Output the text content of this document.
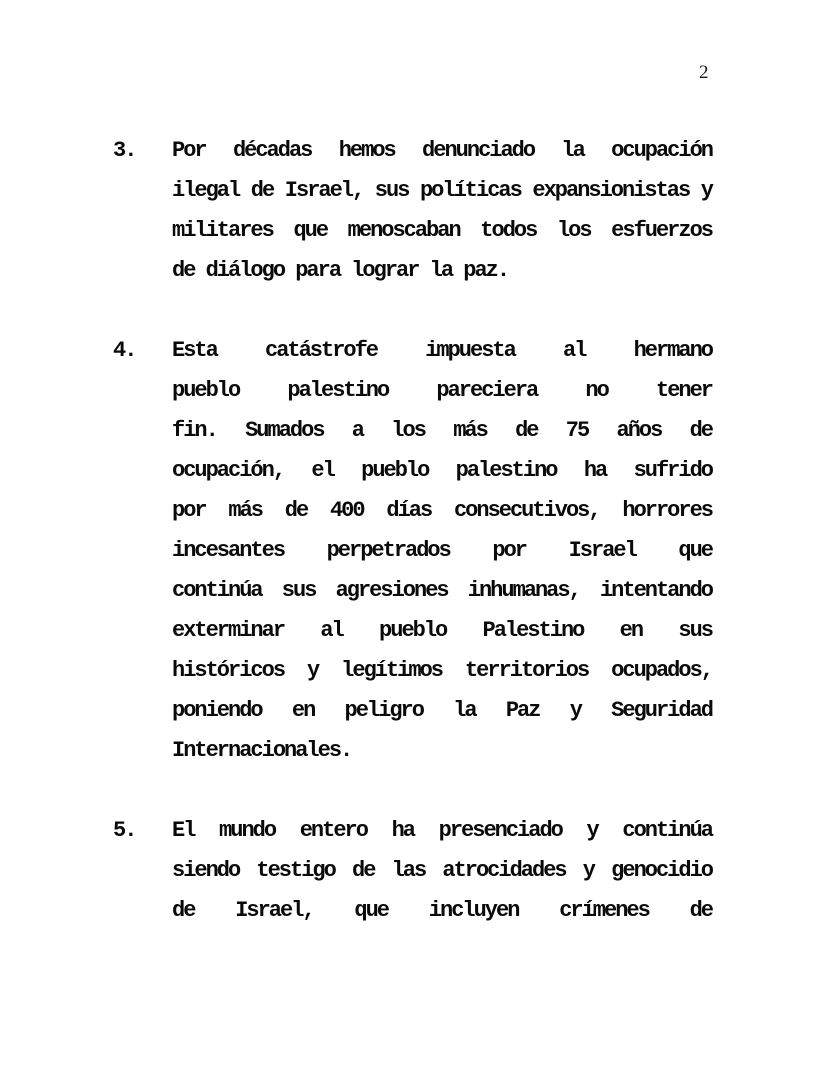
2
3.	Por décadas hemos denunciado la ocupación
ilegal de Israel, sus políticas expansionistas y
militares que menoscaban todos los esfuerzos
de diálogo para lograr la paz.
4.	Esta catástrofe impuesta al hermano
pueblo palestino pareciera no tener
fin. Sumados a los más de 75 años de
ocupación, el pueblo palestino ha sufrido
por más de 400 días consecutivos, horrores
incesantes perpetrados por Israel que
continúa sus agresiones inhumanas, intentando
exterminar al pueblo Palestino en sus
históricos y legítimos territorios ocupados,
poniendo en peligro la Paz y Seguridad
Internacionales.
5.	El mundo entero ha presenciado y continúa
siendo testigo de las atrocidades y genocidio
de Israel, que incluyen crímenes de
